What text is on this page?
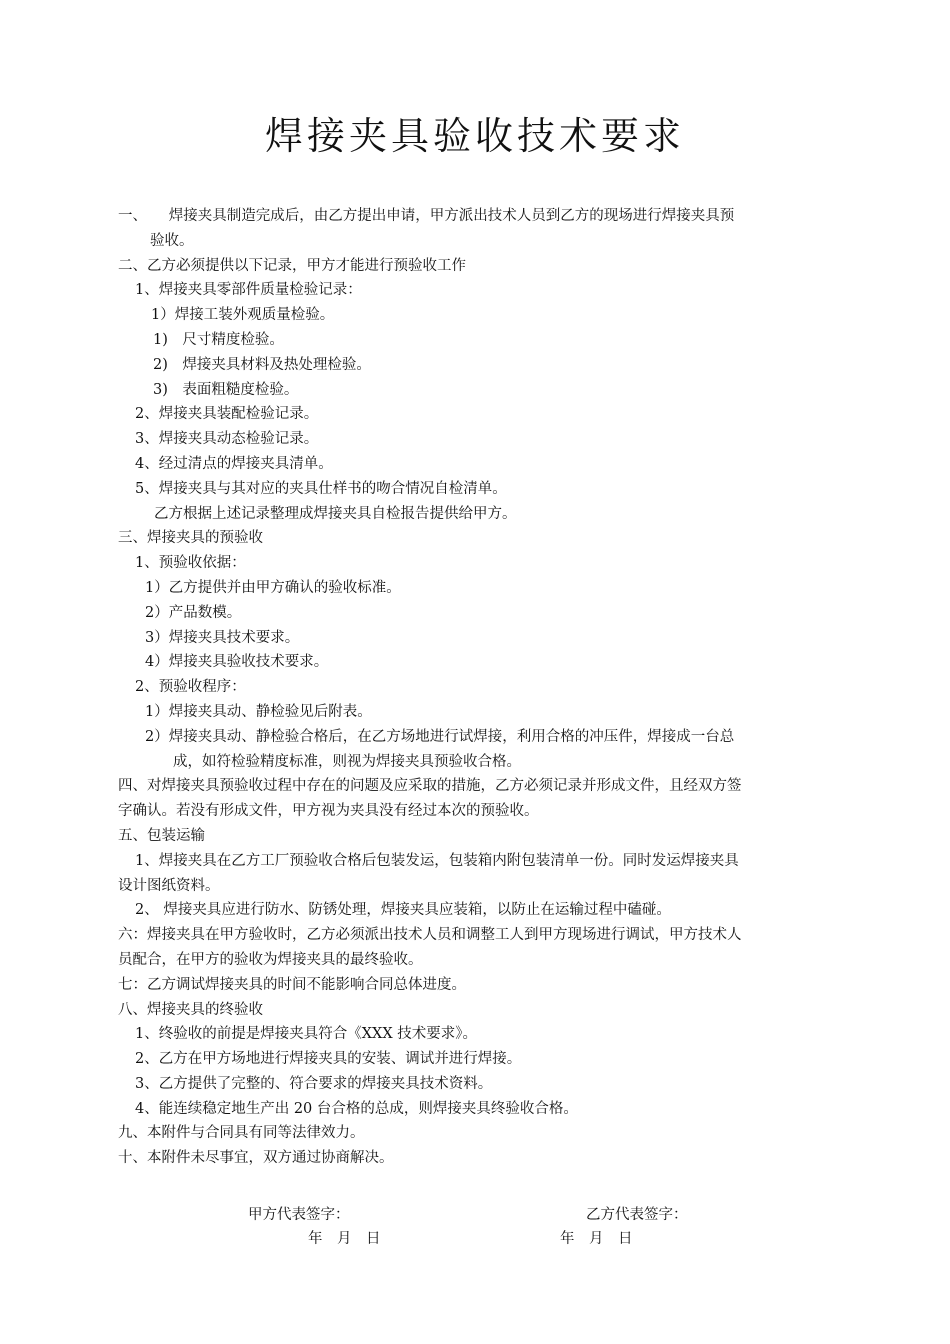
焊接夹具验收技术要求
一、　　焊接夹具制造完成后，由乙方提出申请，甲方派出技术人员到乙方的现场进行焊接夹具预
验收。
二、乙方必须提供以下记录，甲方才能进行预验收工作
1、焊接夹具零部件质量检验记录：
1）焊接工装外观质量检验。
1)　尺寸精度检验。
2)　焊接夹具材料及热处理检验。
3)　表面粗糙度检验。
2、焊接夹具装配检验记录。
3、焊接夹具动态检验记录。
4、经过清点的焊接夹具清单。
5、焊接夹具与其对应的夹具仕样书的吻合情况自检清单。
乙方根据上述记录整理成焊接夹具自检报告提供给甲方。
三、焊接夹具的预验收
1、预验收依据：
1）乙方提供并由甲方确认的验收标准。
2）产品数模。
3）焊接夹具技术要求。
4）焊接夹具验收技术要求。
2、预验收程序：
1）焊接夹具动、静检验见后附表。
2）焊接夹具动、静检验合格后，在乙方场地进行试焊接，利用合格的冲压件，焊接成一台总
成，如符检验精度标准，则视为焊接夹具预验收合格。
四、对焊接夹具预验收过程中存在的问题及应采取的措施，乙方必须记录并形成文件，且经双方签
字确认。若没有形成文件，甲方视为夹具没有经过本次的预验收。
五、包装运输
1、焊接夹具在乙方工厂预验收合格后包装发运，包装箱内附包装清单一份。同时发运焊接夹具
设计图纸资料。
2、 焊接夹具应进行防水、防锈处理，焊接夹具应装箱，以防止在运输过程中磕碰。
六：焊接夹具在甲方验收时，乙方必须派出技术人员和调整工人到甲方现场进行调试，甲方技术人
员配合，在甲方的验收为焊接夹具的最终验收。
七：乙方调试焊接夹具的时间不能影响合同总体进度。
八、焊接夹具的终验收
1、终验收的前提是焊接夹具符合《XXX 技术要求》。
2、乙方在甲方场地进行焊接夹具的安装、调试并进行焊接。
3、乙方提供了完整的、符合要求的焊接夹具技术资料。
4、能连续稳定地生产出 20 台合格的总成，则焊接夹具终验收合格。
九、本附件与合同具有同等法律效力。
十、本附件未尽事宜，双方通过协商解决。
甲方代表签字：	乙方代表签字：
年　月　日	年　月　日
